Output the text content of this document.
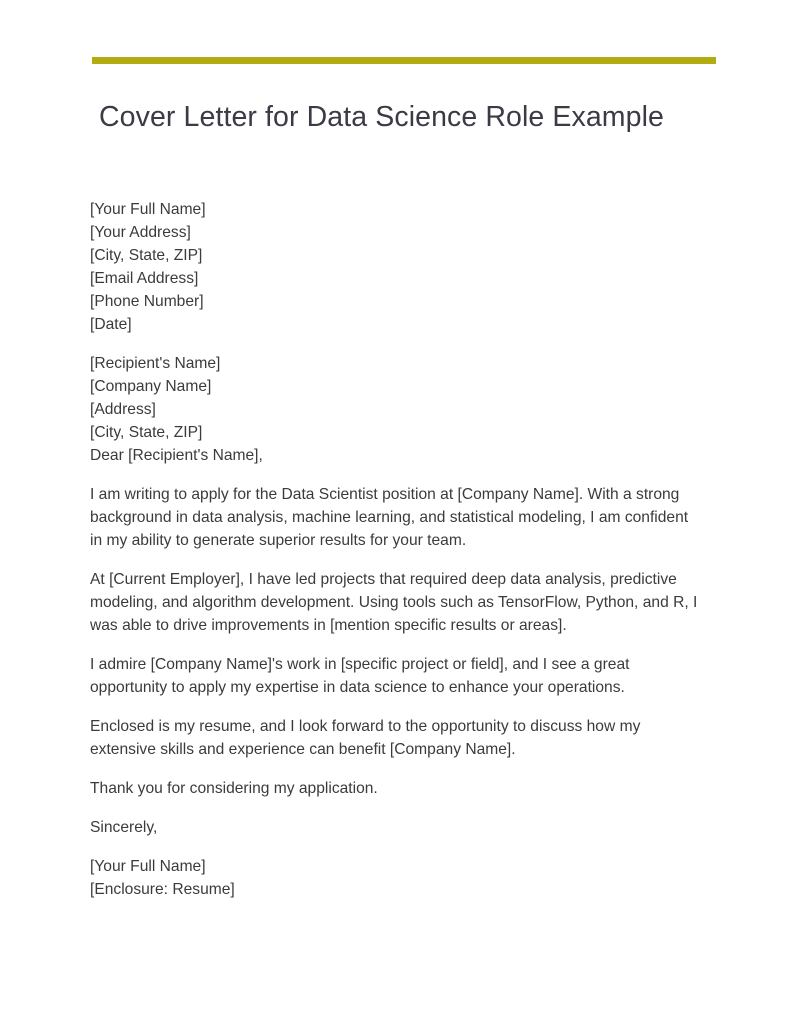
Cover Letter for Data Science Role Example
[Your Full Name]
[Your Address]
[City, State, ZIP]
[Email Address]
[Phone Number]
[Date]
[Recipient's Name]
[Company Name]
[Address]
[City, State, ZIP]
Dear [Recipient's Name],

I am writing to apply for the Data Scientist position at [Company Name]. With a strong background in data analysis, machine learning, and statistical modeling, I am confident in my ability to generate superior results for your team.

At [Current Employer], I have led projects that required deep data analysis, predictive modeling, and algorithm development. Using tools such as TensorFlow, Python, and R, I was able to drive improvements in [mention specific results or areas].

I admire [Company Name]'s work in [specific project or field], and I see a great opportunity to apply my expertise in data science to enhance your operations.

Enclosed is my resume, and I look forward to the opportunity to discuss how my extensive skills and experience can benefit [Company Name].

Thank you for considering my application.

Sincerely,

[Your Full Name]
[Enclosure: Resume]
